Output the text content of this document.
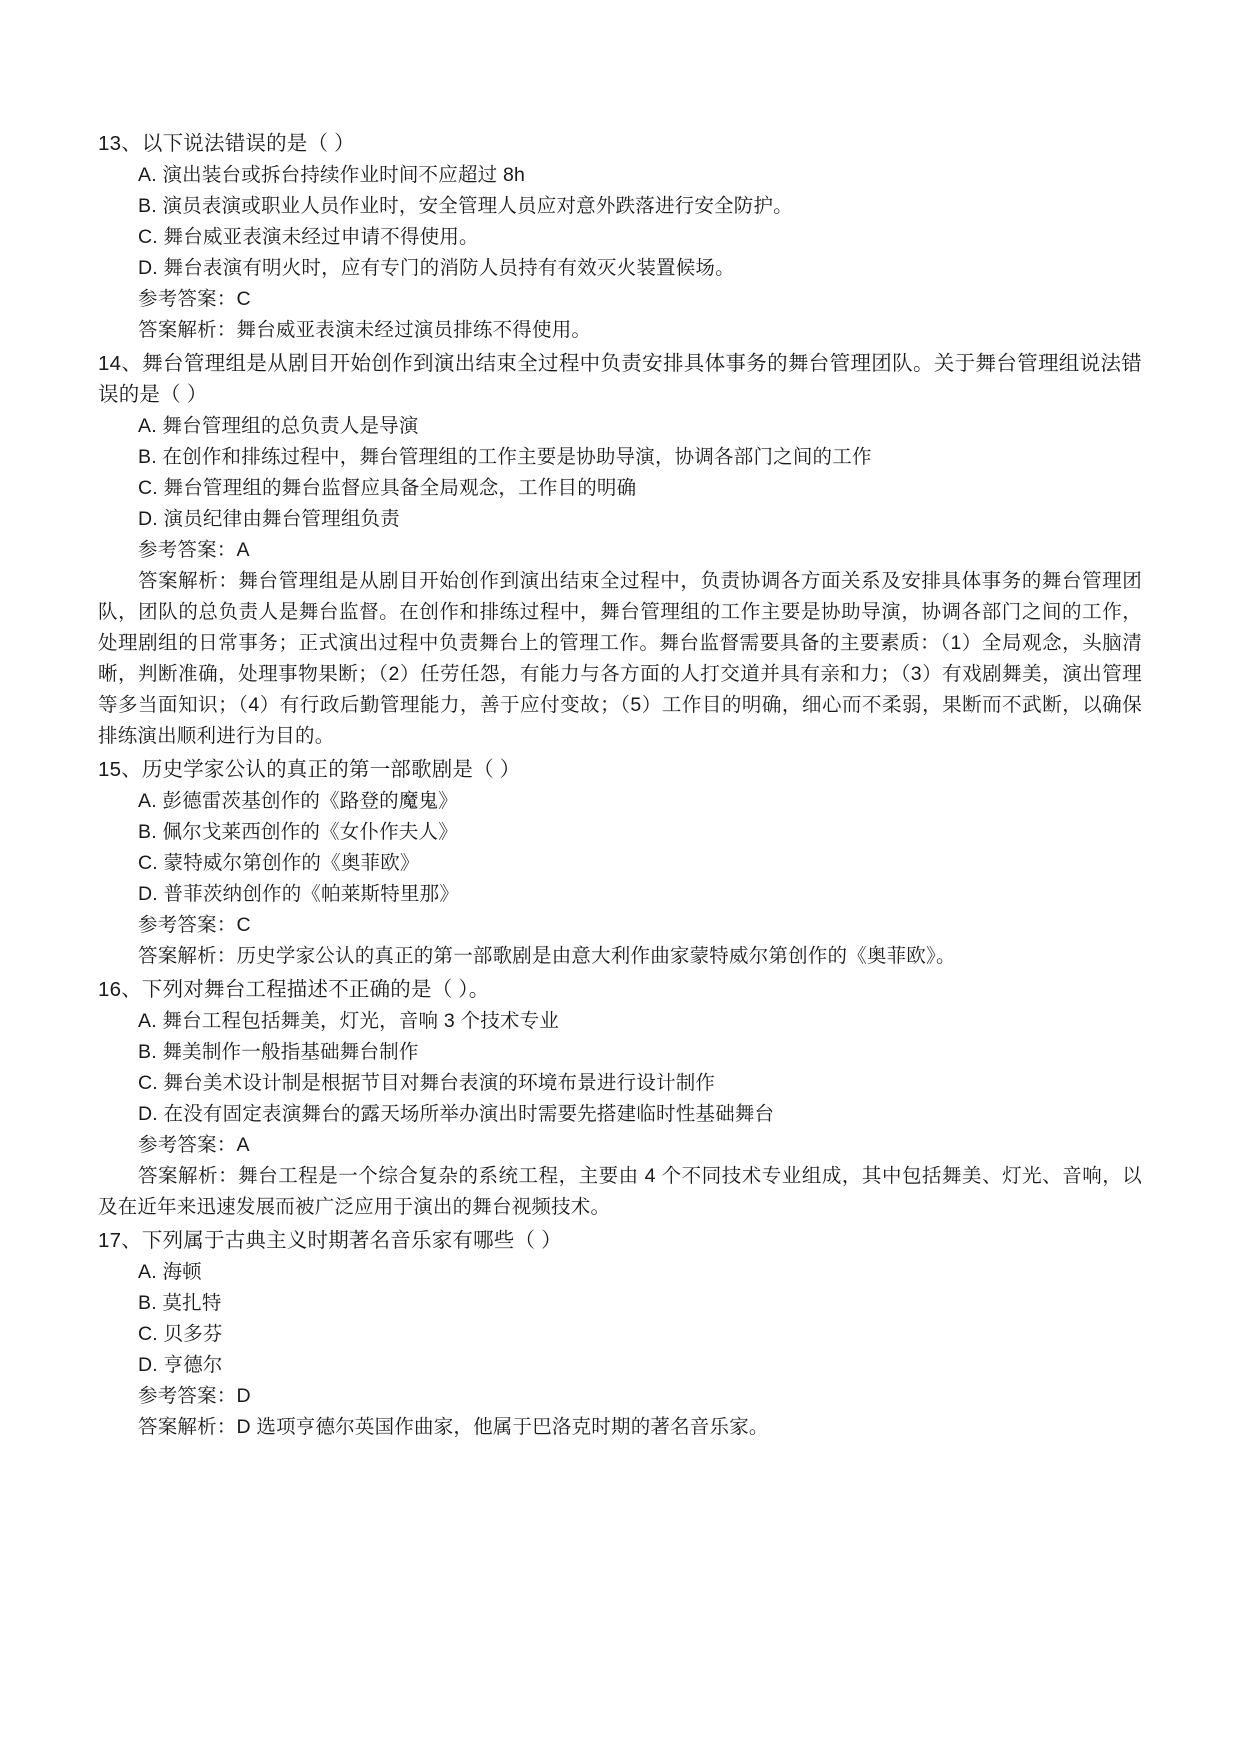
13、以下说法错误的是（ ）

A. 演出装台或拆台持续作业时间不应超过 8h

B. 演员表演或职业人员作业时，安全管理人员应对意外跌落进行安全防护。

C. 舞台威亚表演未经过申请不得使用。

D. 舞台表演有明火时，应有专门的消防人员持有有效灭火装置候场。

参考答案：C

答案解析：舞台威亚表演未经过演员排练不得使用。

14、舞台管理组是从剧目开始创作到演出结束全过程中负责安排具体事务的舞台管理团队。关于舞台管理组说法错误的是（ ）

A. 舞台管理组的总负责人是导演

B. 在创作和排练过程中，舞台管理组的工作主要是协助导演，协调各部门之间的工作

C. 舞台管理组的舞台监督应具备全局观念，工作目的明确

D. 演员纪律由舞台管理组负责

参考答案：A

答案解析：舞台管理组是从剧目开始创作到演出结束全过程中，负责协调各方面关系及安排具体事务的舞台管理团队，团队的总负责人是舞台监督。在创作和排练过程中，舞台管理组的工作主要是协助导演，协调各部门之间的工作，处理剧组的日常事务；正式演出过程中负责舞台上的管理工作。舞台监督需要具备的主要素质：（1）全局观念，头脑清晰，判断准确，处理事物果断；（2）任劳任怨，有能力与各方面的人打交道并具有亲和力；（3）有戏剧舞美，演出管理等多当面知识；（4）有行政后勤管理能力，善于应付变故；（5）工作目的明确，细心而不柔弱，果断而不武断，以确保排练演出顺利进行为目的。

15、历史学家公认的真正的第一部歌剧是（ ）

A. 彭德雷茨基创作的《路登的魔鬼》

B. 佩尔戈莱西创作的《女仆作夫人》

C. 蒙特威尔第创作的《奥菲欧》

D. 普菲茨纳创作的《帕莱斯特里那》

参考答案：C

答案解析：历史学家公认的真正的第一部歌剧是由意大利作曲家蒙特威尔第创作的《奥菲欧》。

16、下列对舞台工程描述不正确的是（ ）。

A. 舞台工程包括舞美，灯光，音响 3 个技术专业

B. 舞美制作一般指基础舞台制作

C. 舞台美术设计制是根据节目对舞台表演的环境布景进行设计制作

D. 在没有固定表演舞台的露天场所举办演出时需要先搭建临时性基础舞台

参考答案：A

答案解析：舞台工程是一个综合复杂的系统工程，主要由 4 个不同技术专业组成，其中包括舞美、灯光、音响，以及在近年来迅速发展而被广泛应用于演出的舞台视频技术。

17、下列属于古典主义时期著名音乐家有哪些（ ）

A. 海顿

B. 莫扎特

C. 贝多芬

D. 亨德尔

参考答案：D

答案解析：D 选项亨德尔英国作曲家，他属于巴洛克时期的著名音乐家。
